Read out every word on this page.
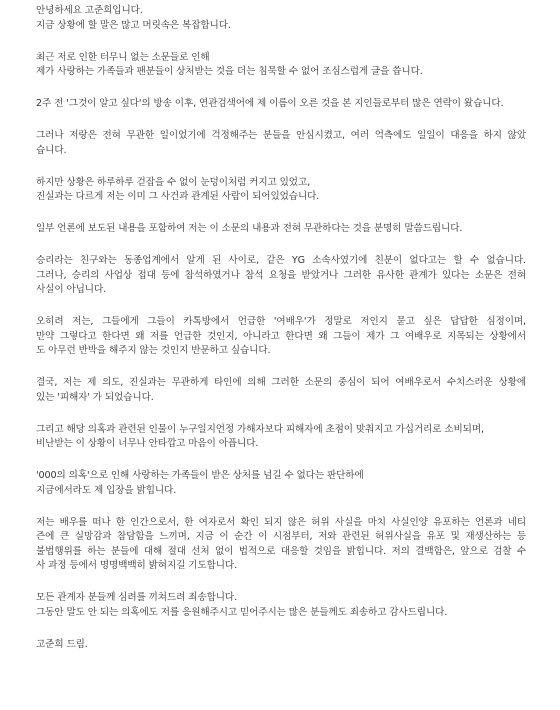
안녕하세요 고준희입니다.
지금 상황에 할 말은 많고 머릿속은 복잡합니다.
최근 저로 인한 터무니 없는 소문들로 인해
제가 사랑하는 가족들과 팬분들이 상처받는 것을 더는 침묵할 수 없어 조심스럽게 글을 씁니다.
2주 전 '그것이 알고 싶다'의 방송 이후, 연관검색어에 제 이름이 오른 것을 본 지인들로부터 많은 연락이 왔습니다.
그러나 저랑은 전혀 무관한 일이었기에 걱정해주는 분들을 안심시켰고, 여러 억측에도 일일이 대응을 하지 않았
습니다.
하지만 상황은 하루하루 걷잡을 수 없이 눈덩이처럼 커지고 있었고,
진실과는 다르게 저는 이미 그 사건과 관계된 사람이 되어있었습니다.
일부 언론에 보도된 내용을 포함하여 저는 이 소문의 내용과 전혀 무관하다는 것을 분명히 말씀드립니다.
승리라는 친구와는 동종업계에서 알게 된 사이로, 같은 YG 소속사였기에 친분이 없다고는 할 수 없습니다.
그러나, 승리의 사업상 접대 등에 참석하였거나 참석 요청을 받았거나 그러한 유사한 관계가 있다는 소문은 전혀
사실이 아닙니다.
오히려 저는, 그들에게 그들이 카톡방에서 언급한 '여배우'가 정말로 저인지 묻고 싶은 답답한 심정이며,
만약 그렇다고 한다면 왜 저를 언급한 것인지, 아니라고 한다면 왜 그들이 제가 그 여배우로 지목되는 상황에서
도 아무런 반박을 해주지 않는 것인지 반문하고 싶습니다.
결국, 저는 제 의도, 진실과는 무관하게 타인에 의해 그러한 소문의 중심이 되어 여배우로서 수치스러운 상황에
있는 '피해자' 가 되었습니다.
그리고 해당 의혹과 관련된 인물이 누구일지언정 가해자보다 피해자에 초점이 맞춰지고 가십거리로 소비되며,
비난받는 이 상황이 너무나 안타깝고 마음이 아픕니다.
'000의 의혹'으로 인해 사랑하는 가족들이 받은 상처를 넘길 수 없다는 판단하에
지금에서라도 제 입장을 밝힙니다.
저는 배우를 떠나 한 인간으로서, 한 여자로서 확인 되지 않은 허위 사실을 마치 사실인양 유포하는 언론과 네티
즌에 큰 실망감과 참담함을 느끼며, 지금 이 순간 이 시점부터, 저와 관련된 허위사실을 유포 및 재생산하는 등
불법행위를 하는 분들에 대해 절대 선처 없이 법적으로 대응할 것임을 밝힙니다. 저의 결백함은, 앞으로 검찰 수
사 과정 등에서 명명백백히 밝혀지길 기도합니다.
모든 관계자 분들께 심려를 끼쳐드려 죄송합니다.
그동안 말도 안 되는 의혹에도 저를 응원해주시고 믿어주시는 많은 분들께도 죄송하고 감사드립니다.
고준희 드림.
